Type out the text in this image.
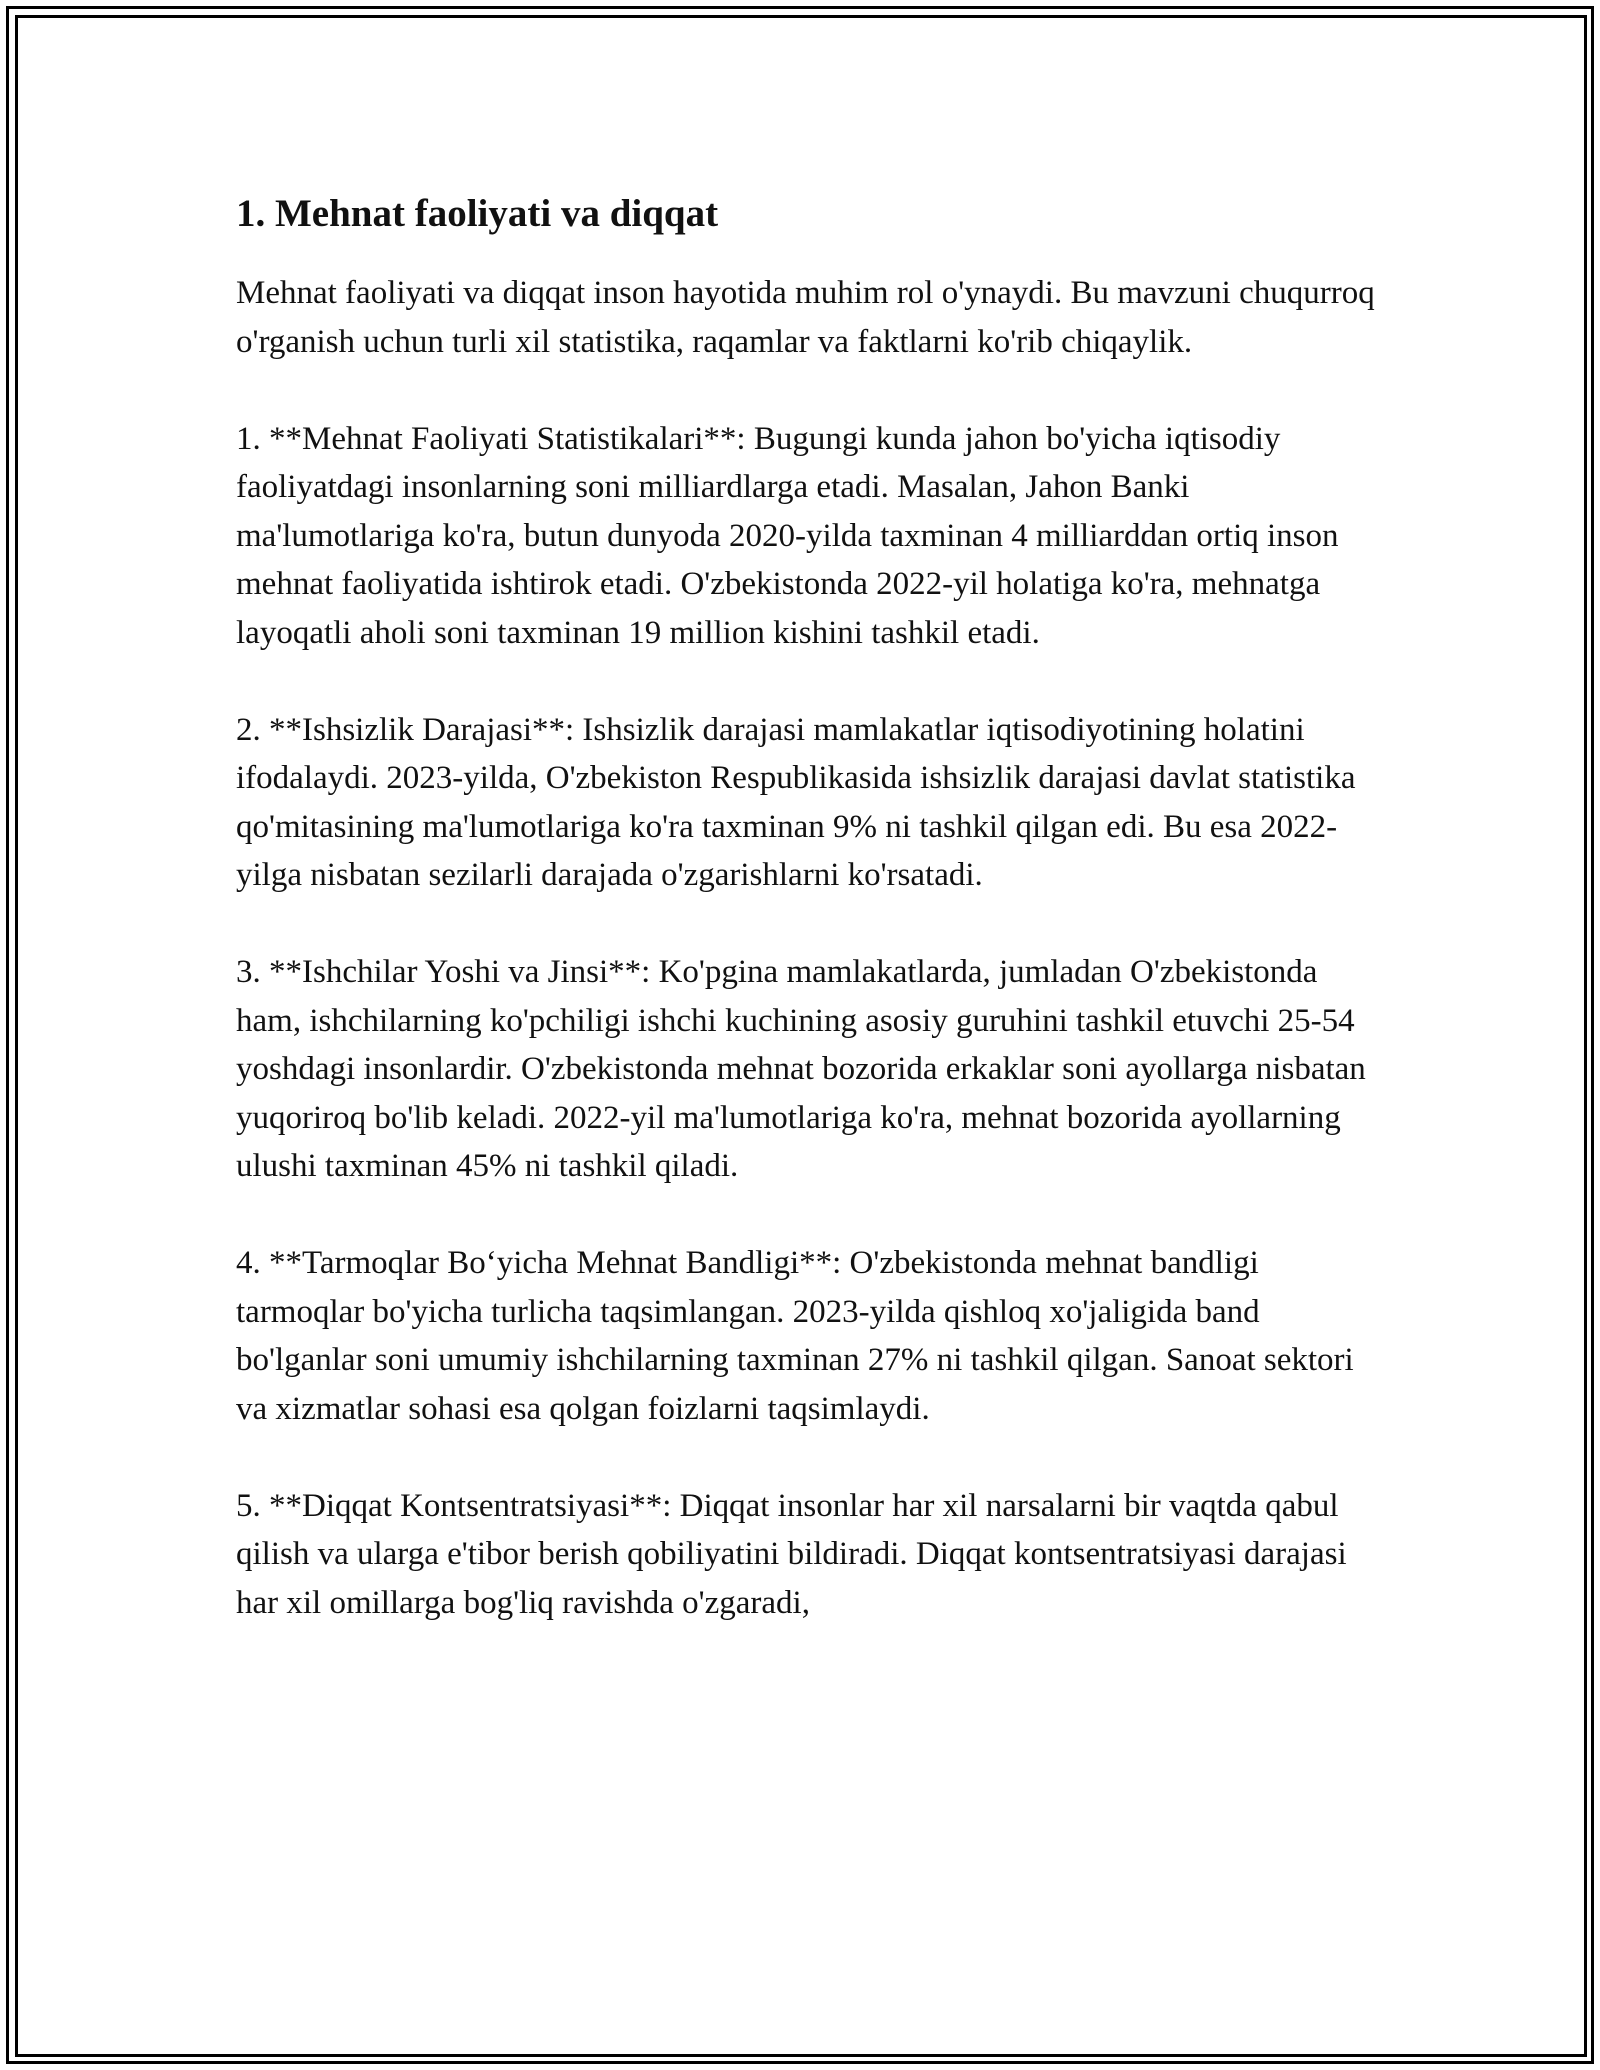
1. Mehnat faoliyati va diqqat

Mehnat faoliyati va diqqat inson hayotida muhim rol o'ynaydi. Bu mavzuni chuqurroq o'rganish uchun turli xil statistika, raqamlar va faktlarni ko'rib chiqaylik.

1. **Mehnat Faoliyati Statistikalari**: Bugungi kunda jahon bo'yicha iqtisodiy faoliyatdagi insonlarning soni milliardlarga etadi. Masalan, Jahon Banki ma'lumotlariga ko'ra, butun dunyoda 2020-yilda taxminan 4 milliarddan ortiq inson mehnat faoliyatida ishtirok etadi. O'zbekistonda 2022-yil holatiga ko'ra, mehnatga layoqatli aholi soni taxminan 19 million kishini tashkil etadi.

2. **Ishsizlik Darajasi**: Ishsizlik darajasi mamlakatlar iqtisodiyotining holatini ifodalaydi. 2023-yilda, O'zbekiston Respublikasida ishsizlik darajasi davlat statistika qo'mitasining ma'lumotlariga ko'ra taxminan 9% ni tashkil qilgan edi. Bu esa 2022-yilga nisbatan sezilarli darajada o'zgarishlarni ko'rsatadi.

3. **Ishchilar Yoshi va Jinsi**: Ko'pgina mamlakatlarda, jumladan O'zbekistonda ham, ishchilarning ko'pchiligi ishchi kuchining asosiy guruhini tashkil etuvchi 25-54 yoshdagi insonlardir. O'zbekistonda mehnat bozorida erkaklar soni ayollarga nisbatan yuqoriroq bo'lib keladi. 2022-yil ma'lumotlariga ko'ra, mehnat bozorida ayollarning ulushi taxminan 45% ni tashkil qiladi.

4. **Tarmoqlar Bo‘yicha Mehnat Bandligi**: O'zbekistonda mehnat bandligi tarmoqlar bo'yicha turlicha taqsimlangan. 2023-yilda qishloq xo'jaligida band bo'lganlar soni umumiy ishchilarning taxminan 27% ni tashkil qilgan. Sanoat sektori va xizmatlar sohasi esa qolgan foizlarni taqsimlaydi.

5. **Diqqat Kontsentratsiyasi**: Diqqat insonlar har xil narsalarni bir vaqtda qabul qilish va ularga e'tibor berish qobiliyatini bildiradi. Diqqat kontsentratsiyasi darajasi har xil omillarga bog'liq ravishda o'zgaradi,
